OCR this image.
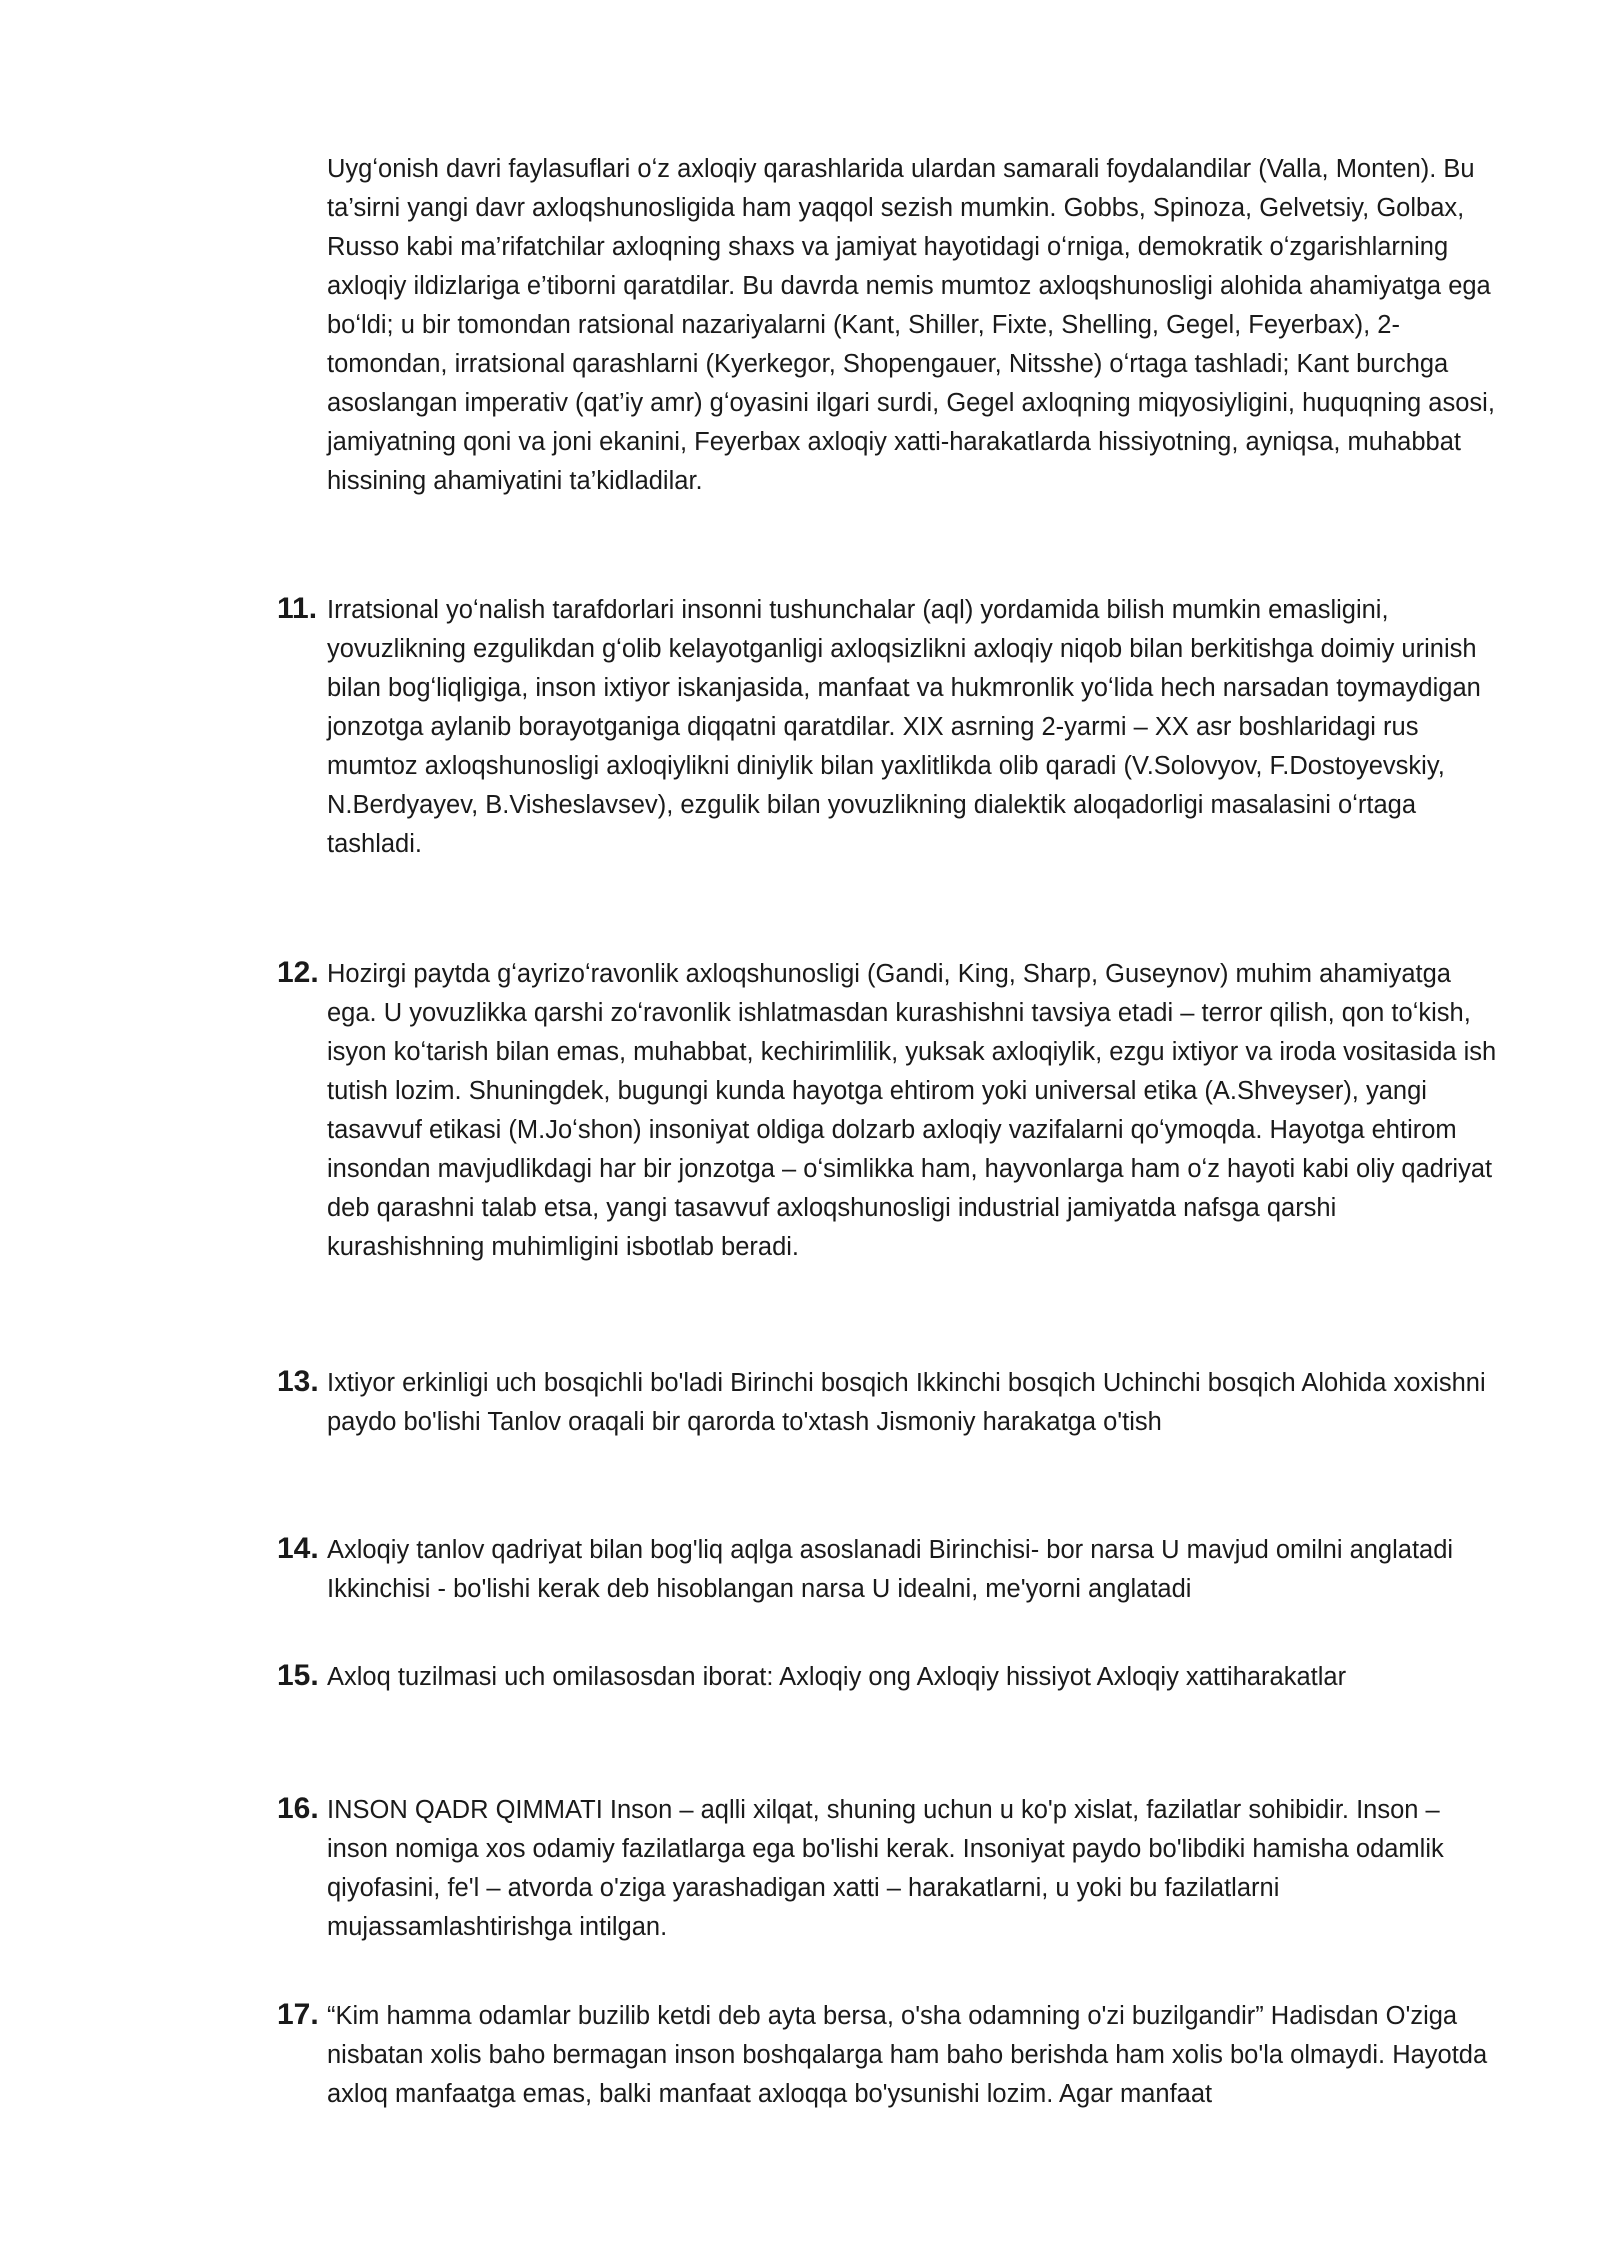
Uygʻonish davri faylasuflari oʻz axloqiy qarashlarida ulardan samarali foydalandilar (Valla, Monten). Bu ta’sirni yangi davr axloqshunosligida ham yaqqol sezish mumkin. Gobbs, Spinoza, Gelvetsiy, Golbax, Russo kabi ma’rifatchilar axloqning shaxs va jamiyat hayotidagi oʻrniga, demokratik oʻzgarishlarning axloqiy ildizlariga e’tiborni qaratdilar. Bu davrda nemis mumtoz axloqshunosligi alohida ahamiyatga ega boʻldi; u bir tomondan ratsional nazariyalarni (Kant, Shiller, Fixte, Shelling, Gegel, Feyerbax), 2- tomondan, irratsional qarashlarni (Kyerkegor, Shopengauer, Nitsshe) oʻrtaga tashladi; Kant burchga asoslangan imperativ (qat’iy amr) gʻoyasini ilgari surdi, Gegel axloqning miqyosiyligini, huquqning asosi, jamiyatning qoni va joni ekanini, Feyerbax axloqiy xatti-harakatlarda hissiyotning, ayniqsa, muhabbat hissining ahamiyatini ta’kidladilar.

11. Irratsional yoʻnalish tarafdorlari insonni tushunchalar (aql) yordamida bilish mumkin emasligini, yovuzlikning ezgulikdan gʻolib kelayotganligi axloqsizlikni axloqiy niqob bilan berkitishga doimiy urinish bilan bogʻliqligiga, inson ixtiyor iskanjasida, manfaat va hukmronlik yoʻlida hech narsadan toymaydigan jonzotga aylanib borayotganiga diqqatni qaratdilar. XIX asrning 2-yarmi – XX asr boshlaridagi rus mumtoz axloqshunosligi axloqiylikni diniylik bilan yaxlitlikda olib qaradi (V.Solovyov, F.Dostoyevskiy, N.Berdyayev, B.Visheslavsev), ezgulik bilan yovuzlikning dialektik aloqadorligi masalasini oʻrtaga tashladi.

12. Hozirgi paytda gʻayrizoʻravonlik axloqshunosligi (Gandi, King, Sharp, Guseynov) muhim ahamiyatga ega. U yovuzlikka qarshi zoʻravonlik ishlatmasdan kurashishni tavsiya etadi – terror qilish, qon toʻkish, isyon koʻtarish bilan emas, muhabbat, kechirimlilik, yuksak axloqiylik, ezgu ixtiyor va iroda vositasida ish tutish lozim. Shuningdek, bugungi kunda hayotga ehtirom yoki universal etika (A.Shveyser), yangi tasavvuf etikasi (M.Joʻshon) insoniyat oldiga dolzarb axloqiy vazifalarni qoʻymoqda. Hayotga ehtirom insondan mavjudlikdagi har bir jonzotga – oʻsimlikka ham, hayvonlarga ham oʻz hayoti kabi oliy qadriyat deb qarashni talab etsa, yangi tasavvuf axloqshunosligi industrial jamiyatda nafsga qarshi kurashishning muhimligini isbotlab beradi.

13. Ixtiyor erkinligi uch bosqichli bo'ladi Birinchi bosqich Ikkinchi bosqich Uchinchi bosqich Alohida xoxishni paydo bo'lishi Tanlov oraqali bir qarorda to'xtash Jismoniy harakatga o'tish

14. Axloqiy tanlov qadriyat bilan bog'liq aqlga asoslanadi Birinchisi- bor narsa U mavjud omilni anglatadi Ikkinchisi - bo'lishi kerak deb hisoblangan narsa U idealni, me'yorni anglatadi

15. Axloq tuzilmasi uch omilasosdan iborat: Axloqiy ong Axloqiy hissiyot Axloqiy xattiharakatlar

16. INSON QADR QIMMATI Inson – aqlli xilqat, shuning uchun u ko'p xislat, fazilatlar sohibidir. Inson – inson nomiga xos odamiy fazilatlarga ega bo'lishi kerak. Insoniyat paydo bo'libdiki hamisha odamlik qiyofasini, fe'l – atvorda o'ziga yarashadigan xatti – harakatlarni, u yoki bu fazilatlarni mujassamlashtirishga intilgan.

17. “Kim hamma odamlar buzilib ketdi deb ayta bersa, o'sha odamning o'zi buzilgandir” Hadisdan O'ziga nisbatan xolis baho bermagan inson boshqalarga ham baho berishda ham xolis bo'la olmaydi. Hayotda axloq manfaatga emas, balki manfaat axloqqa bo'ysunishi lozim. Agar manfaat
